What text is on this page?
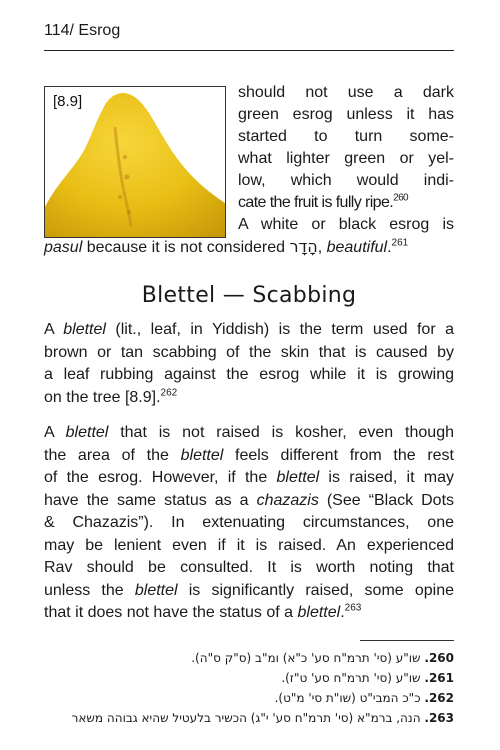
114/ Esrog
[8.9]
should not use a dark
green esrog unless it has
started to turn some-
what lighter green or yel-
low, which would indi-
cate the fruit is fully ripe.$^{260}$
A white or black esrog is
pasul because it is not considered הָדָר, beautiful.$^{261}$
Blettel — Scabbing
A blettel (lit., leaf, in Yiddish) is the term used for a
brown or tan scabbing of the skin that is caused by
a leaf rubbing against the esrog while it is growing
on the tree [8.9].$^{262}$
A blettel that is not raised is kosher, even though
the area of the blettel feels different from the rest
of the esrog. However, if the blettel is raised, it may
have the same status as a chazazis (See “Black Dots
& Chazazis”). In extenuating circumstances, one
may be lenient even if it is raised. An experienced
Rav should be consulted. It is worth noting that
unless the blettel is significantly raised, some opine
that it does not have the status of a blettel.$^{263}$
260. שו"ע (סי' תרמ"ח סע' כ"א) ומ"ב (ס"ק ס"ה).
261. שו"ע (סי' תרמ"ח סע' ט"ז).
262. כ"כ המבי"ט (שו"ת סי' מ"ט).
263. הנה, ברמ"א (סי' תרמ"ח סע' י"ג) הכשיר בלעטיל שהיא גבוהה משאר
